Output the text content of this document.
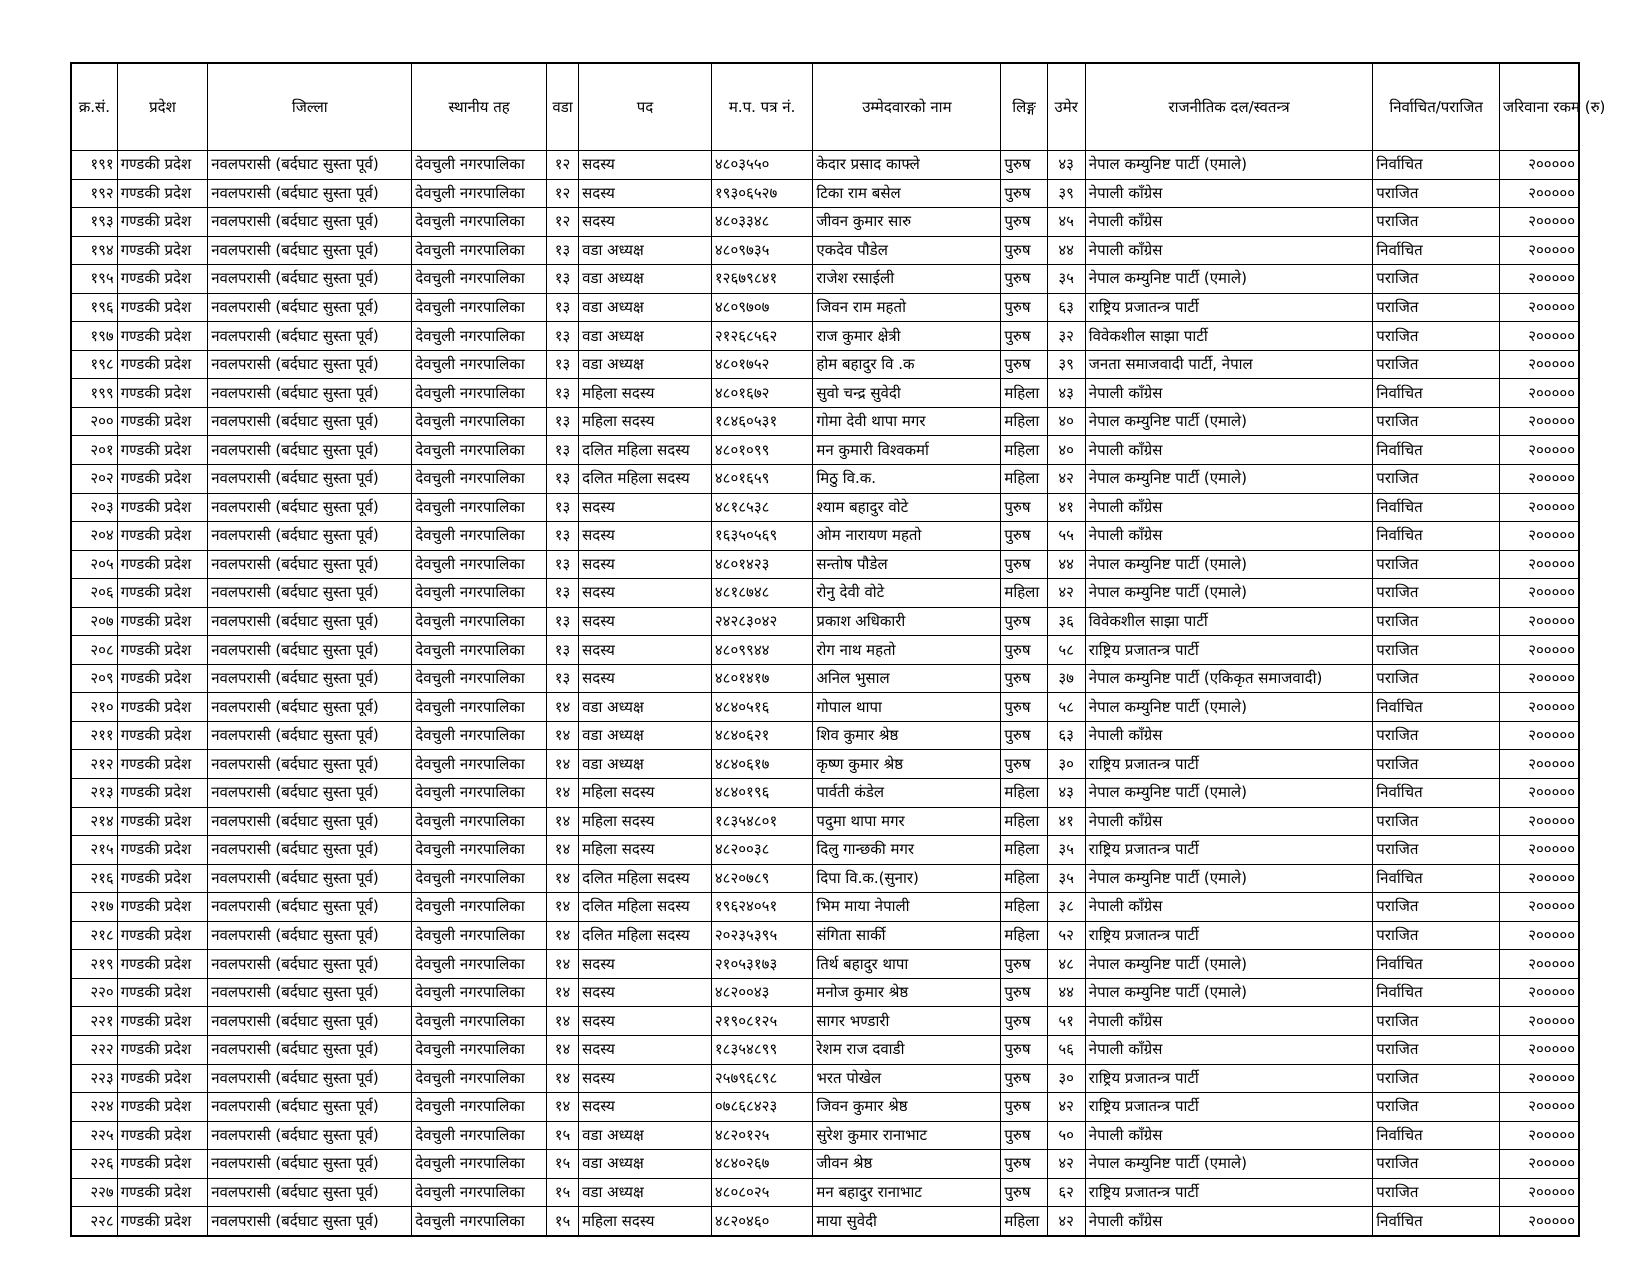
क्र.सं.	प्रदेश	जिल्ला	स्थानीय तह	वडा	पद	म.प. पत्र नं.	उम्मेदवारको नाम	लिङ्ग	उमेर	राजनीतिक दल/स्वतन्त्र	निर्वाचित/पराजित	जरिवाना रकम (रु)
१९१	गण्डकी प्रदेश	नवलपरासी (बर्दघाट सुस्ता पूर्व)	देवचुली नगरपालिका	१२	सदस्य	४८०३५५०	केदार प्रसाद काफ्ले	पुरुष	४३	नेपाल कम्युनिष्ट पार्टी (एमाले)	निर्वाचित	२०००००
१९२	गण्डकी प्रदेश	नवलपरासी (बर्दघाट सुस्ता पूर्व)	देवचुली नगरपालिका	१२	सदस्य	१९३०६५२७	टिका राम बसेल	पुरुष	३९	नेपाली काँग्रेस	पराजित	२०००००
१९३	गण्डकी प्रदेश	नवलपरासी (बर्दघाट सुस्ता पूर्व)	देवचुली नगरपालिका	१२	सदस्य	४८०३३४८	जीवन कुमार सारु	पुरुष	४५	नेपाली काँग्रेस	पराजित	२०००००
१९४	गण्डकी प्रदेश	नवलपरासी (बर्दघाट सुस्ता पूर्व)	देवचुली नगरपालिका	१३	वडा अध्यक्ष	४८०९७३५	एकदेव पौडेल	पुरुष	४४	नेपाली काँग्रेस	निर्वाचित	२०००००
१९५	गण्डकी प्रदेश	नवलपरासी (बर्दघाट सुस्ता पूर्व)	देवचुली नगरपालिका	१३	वडा अध्यक्ष	१२६७९८४१	राजेश रसाईली	पुरुष	३५	नेपाल कम्युनिष्ट पार्टी (एमाले)	पराजित	२०००००
१९६	गण्डकी प्रदेश	नवलपरासी (बर्दघाट सुस्ता पूर्व)	देवचुली नगरपालिका	१३	वडा अध्यक्ष	४८०९७०७	जिवन राम महतो	पुरुष	६३	राष्ट्रिय प्रजातन्त्र पार्टी	पराजित	२०००००
१९७	गण्डकी प्रदेश	नवलपरासी (बर्दघाट सुस्ता पूर्व)	देवचुली नगरपालिका	१३	वडा अध्यक्ष	२१२६८५६२	राज कुमार क्षेत्री	पुरुष	३२	विवेकशील साझा पार्टी	पराजित	२०००००
१९८	गण्डकी प्रदेश	नवलपरासी (बर्दघाट सुस्ता पूर्व)	देवचुली नगरपालिका	१३	वडा अध्यक्ष	४८०१७५२	होम बहादुर वि .क	पुरुष	३९	जनता समाजवादी पार्टी, नेपाल	पराजित	२०००००
१९९	गण्डकी प्रदेश	नवलपरासी (बर्दघाट सुस्ता पूर्व)	देवचुली नगरपालिका	१३	महिला सदस्य	४८०१६७२	सुवो चन्द्र सुवेदी	महिला	४३	नेपाली काँग्रेस	निर्वाचित	२०००००
२००	गण्डकी प्रदेश	नवलपरासी (बर्दघाट सुस्ता पूर्व)	देवचुली नगरपालिका	१३	महिला सदस्य	१८४६०५३१	गोमा देवी थापा मगर	महिला	४०	नेपाल कम्युनिष्ट पार्टी (एमाले)	पराजित	२०००००
२०१	गण्डकी प्रदेश	नवलपरासी (बर्दघाट सुस्ता पूर्व)	देवचुली नगरपालिका	१३	दलित महिला सदस्य	४८०१०९९	मन कुमारी विश्वकर्मा	महिला	४०	नेपाली काँग्रेस	निर्वाचित	२०००००
२०२	गण्डकी प्रदेश	नवलपरासी (बर्दघाट सुस्ता पूर्व)	देवचुली नगरपालिका	१३	दलित महिला सदस्य	४८०१६५९	मिठु वि.क.	महिला	४२	नेपाल कम्युनिष्ट पार्टी (एमाले)	पराजित	२०००००
२०३	गण्डकी प्रदेश	नवलपरासी (बर्दघाट सुस्ता पूर्व)	देवचुली नगरपालिका	१३	सदस्य	४८१८५३८	श्याम बहादुर वोटे	पुरुष	४१	नेपाली काँग्रेस	निर्वाचित	२०००००
२०४	गण्डकी प्रदेश	नवलपरासी (बर्दघाट सुस्ता पूर्व)	देवचुली नगरपालिका	१३	सदस्य	१६३५०५६९	ओम नारायण महतो	पुरुष	५५	नेपाली काँग्रेस	निर्वाचित	२०००००
२०५	गण्डकी प्रदेश	नवलपरासी (बर्दघाट सुस्ता पूर्व)	देवचुली नगरपालिका	१३	सदस्य	४८०१४२३	सन्तोष पौडेल	पुरुष	४४	नेपाल कम्युनिष्ट पार्टी (एमाले)	पराजित	२०००००
२०६	गण्डकी प्रदेश	नवलपरासी (बर्दघाट सुस्ता पूर्व)	देवचुली नगरपालिका	१३	सदस्य	४८१८७४८	रोनु देवी वोटे	महिला	४२	नेपाल कम्युनिष्ट पार्टी (एमाले)	पराजित	२०००००
२०७	गण्डकी प्रदेश	नवलपरासी (बर्दघाट सुस्ता पूर्व)	देवचुली नगरपालिका	१३	सदस्य	२४२८३०४२	प्रकाश अधिकारी	पुरुष	३६	विवेकशील साझा पार्टी	पराजित	२०००००
२०८	गण्डकी प्रदेश	नवलपरासी (बर्दघाट सुस्ता पूर्व)	देवचुली नगरपालिका	१३	सदस्य	४८०९९४४	रोग नाथ महतो	पुरुष	५८	राष्ट्रिय प्रजातन्त्र पार्टी	पराजित	२०००००
२०९	गण्डकी प्रदेश	नवलपरासी (बर्दघाट सुस्ता पूर्व)	देवचुली नगरपालिका	१३	सदस्य	४८०१४१७	अनिल भुसाल	पुरुष	३७	नेपाल कम्युनिष्ट पार्टी (एकिकृत समाजवादी)	पराजित	२०००००
२१०	गण्डकी प्रदेश	नवलपरासी (बर्दघाट सुस्ता पूर्व)	देवचुली नगरपालिका	१४	वडा अध्यक्ष	४८४०५१६	गोपाल थापा	पुरुष	५८	नेपाल कम्युनिष्ट पार्टी (एमाले)	निर्वाचित	२०००००
२११	गण्डकी प्रदेश	नवलपरासी (बर्दघाट सुस्ता पूर्व)	देवचुली नगरपालिका	१४	वडा अध्यक्ष	४८४०६२१	शिव कुमार श्रेष्ठ	पुरुष	६३	नेपाली काँग्रेस	पराजित	२०००००
२१२	गण्डकी प्रदेश	नवलपरासी (बर्दघाट सुस्ता पूर्व)	देवचुली नगरपालिका	१४	वडा अध्यक्ष	४८४०६१७	कृष्ण कुमार श्रेष्ठ	पुरुष	३०	राष्ट्रिय प्रजातन्त्र पार्टी	पराजित	२०००००
२१३	गण्डकी प्रदेश	नवलपरासी (बर्दघाट सुस्ता पूर्व)	देवचुली नगरपालिका	१४	महिला सदस्य	४८४०१९६	पार्वती कंडेल	महिला	४३	नेपाल कम्युनिष्ट पार्टी (एमाले)	निर्वाचित	२०००००
२१४	गण्डकी प्रदेश	नवलपरासी (बर्दघाट सुस्ता पूर्व)	देवचुली नगरपालिका	१४	महिला सदस्य	१८३५४८०१	पदुमा थापा मगर	महिला	४१	नेपाली काँग्रेस	पराजित	२०००००
२१५	गण्डकी प्रदेश	नवलपरासी (बर्दघाट सुस्ता पूर्व)	देवचुली नगरपालिका	१४	महिला सदस्य	४८२००३८	दिलु गान्छकी मगर	महिला	३५	राष्ट्रिय प्रजातन्त्र पार्टी	पराजित	२०००००
२१६	गण्डकी प्रदेश	नवलपरासी (बर्दघाट सुस्ता पूर्व)	देवचुली नगरपालिका	१४	दलित महिला सदस्य	४८२०७८९	दिपा वि.क.(सुनार)	महिला	३५	नेपाल कम्युनिष्ट पार्टी (एमाले)	निर्वाचित	२०००००
२१७	गण्डकी प्रदेश	नवलपरासी (बर्दघाट सुस्ता पूर्व)	देवचुली नगरपालिका	१४	दलित महिला सदस्य	१९६२४०५१	भिम माया नेपाली	महिला	३८	नेपाली काँग्रेस	पराजित	२०००००
२१८	गण्डकी प्रदेश	नवलपरासी (बर्दघाट सुस्ता पूर्व)	देवचुली नगरपालिका	१४	दलित महिला सदस्य	२०२३५३९५	संगिता सार्की	महिला	५२	राष्ट्रिय प्रजातन्त्र पार्टी	पराजित	२०००००
२१९	गण्डकी प्रदेश	नवलपरासी (बर्दघाट सुस्ता पूर्व)	देवचुली नगरपालिका	१४	सदस्य	२१०५३१७३	तिर्थ बहादुर थापा	पुरुष	४८	नेपाल कम्युनिष्ट पार्टी (एमाले)	निर्वाचित	२०००००
२२०	गण्डकी प्रदेश	नवलपरासी (बर्दघाट सुस्ता पूर्व)	देवचुली नगरपालिका	१४	सदस्य	४८२००४३	मनोज कुमार श्रेष्ठ	पुरुष	४४	नेपाल कम्युनिष्ट पार्टी (एमाले)	निर्वाचित	२०००००
२२१	गण्डकी प्रदेश	नवलपरासी (बर्दघाट सुस्ता पूर्व)	देवचुली नगरपालिका	१४	सदस्य	२१९०८१२५	सागर भण्डारी	पुरुष	५१	नेपाली काँग्रेस	पराजित	२०००००
२२२	गण्डकी प्रदेश	नवलपरासी (बर्दघाट सुस्ता पूर्व)	देवचुली नगरपालिका	१४	सदस्य	१८३५४८९९	रेशम राज दवाडी	पुरुष	५६	नेपाली काँग्रेस	पराजित	२०००००
२२३	गण्डकी प्रदेश	नवलपरासी (बर्दघाट सुस्ता पूर्व)	देवचुली नगरपालिका	१४	सदस्य	२५७९६८९८	भरत पोखेल	पुरुष	३०	राष्ट्रिय प्रजातन्त्र पार्टी	पराजित	२०००००
२२४	गण्डकी प्रदेश	नवलपरासी (बर्दघाट सुस्ता पूर्व)	देवचुली नगरपालिका	१४	सदस्य	०७८६८४२३	जिवन कुमार श्रेष्ठ	पुरुष	४२	राष्ट्रिय प्रजातन्त्र पार्टी	पराजित	२०००००
२२५	गण्डकी प्रदेश	नवलपरासी (बर्दघाट सुस्ता पूर्व)	देवचुली नगरपालिका	१५	वडा अध्यक्ष	४८२०१२५	सुरेश कुमार रानाभाट	पुरुष	५०	नेपाली काँग्रेस	निर्वाचित	२०००००
२२६	गण्डकी प्रदेश	नवलपरासी (बर्दघाट सुस्ता पूर्व)	देवचुली नगरपालिका	१५	वडा अध्यक्ष	४८४०२६७	जीवन श्रेष्ठ	पुरुष	४२	नेपाल कम्युनिष्ट पार्टी (एमाले)	पराजित	२०००००
२२७	गण्डकी प्रदेश	नवलपरासी (बर्दघाट सुस्ता पूर्व)	देवचुली नगरपालिका	१५	वडा अध्यक्ष	४८०८०२५	मन बहादुर रानाभाट	पुरुष	६२	राष्ट्रिय प्रजातन्त्र पार्टी	पराजित	२०००००
२२८	गण्डकी प्रदेश	नवलपरासी (बर्दघाट सुस्ता पूर्व)	देवचुली नगरपालिका	१५	महिला सदस्य	४८२०४६०	माया सुवेदी	महिला	४२	नेपाली काँग्रेस	निर्वाचित	२०००००
